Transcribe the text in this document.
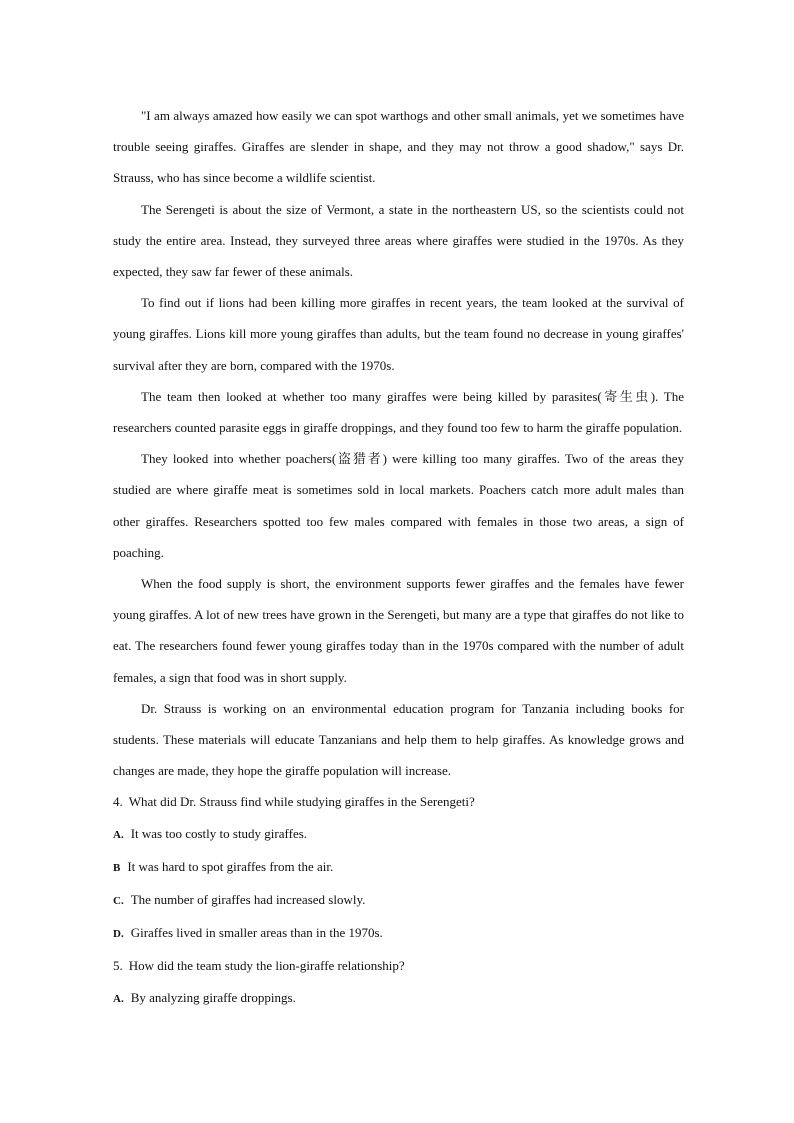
"I am always amazed how easily we can spot warthogs and other small animals, yet we sometimes have trouble seeing giraffes. Giraffes are slender in shape, and they may not throw a good shadow," says Dr. Strauss, who has since become a wildlife scientist.

The Serengeti is about the size of Vermont, a state in the northeastern US, so the scientists could not study the entire area. Instead, they surveyed three areas where giraffes were studied in the 1970s. As they expected, they saw far fewer of these animals.

To find out if lions had been killing more giraffes in recent years, the team looked at the survival of young giraffes. Lions kill more young giraffes than adults, but the team found no decrease in young giraffes' survival after they are born, compared with the 1970s.

The team then looked at whether too many giraffes were being killed by parasites(寄生虫). The researchers counted parasite eggs in giraffe droppings, and they found too few to harm the giraffe population.

They looked into whether poachers(盗猎者) were killing too many giraffes. Two of the areas they studied are where giraffe meat is sometimes sold in local markets. Poachers catch more adult males than other giraffes. Researchers spotted too few males compared with females in those two areas, a sign of poaching.

When the food supply is short, the environment supports fewer giraffes and the females have fewer young giraffes. A lot of new trees have grown in the Serengeti, but many are a type that giraffes do not like to eat. The researchers found fewer young giraffes today than in the 1970s compared with the number of adult females, a sign that food was in short supply.

Dr. Strauss is working on an environmental education program for Tanzania including books for students. These materials will educate Tanzanians and help them to help giraffes. As knowledge grows and changes are made, they hope the giraffe population will increase.

4. What did Dr. Strauss find while studying giraffes in the Serengeti?

A. It was too costly to study giraffes.

B It was hard to spot giraffes from the air.

C. The number of giraffes had increased slowly.

D. Giraffes lived in smaller areas than in the 1970s.

5. How did the team study the lion-giraffe relationship?

A. By analyzing giraffe droppings.
